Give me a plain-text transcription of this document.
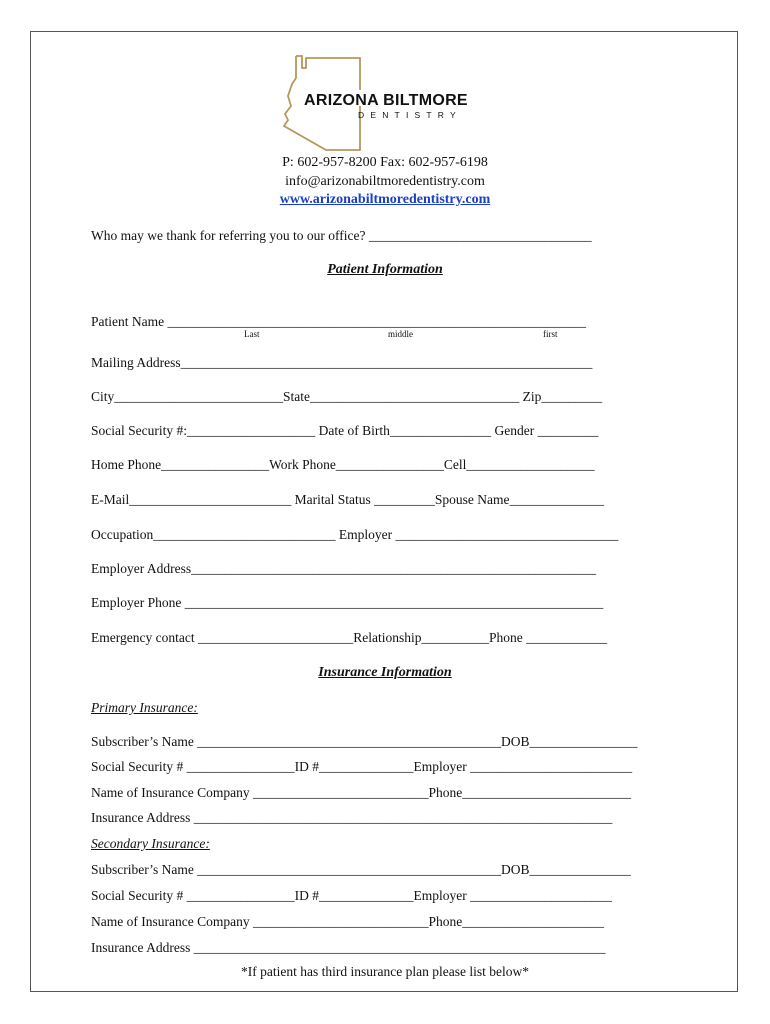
ARIZONA BILTMORE
DENTISTRY
P: 602-957-8200 Fax: 602-957-6198
info@arizonabiltmoredentistry.com
www.arizonabiltmoredentistry.com
Who may we thank for referring you to our office? _________________________________
Patient Information
Patient Name ______________________________________________________________
Last	middle	first
Mailing Address_____________________________________________________________
City_________________________State_______________________________ Zip_________
Social Security #:___________________ Date of Birth_______________ Gender _________
Home Phone________________Work Phone________________Cell___________________
E-Mail________________________ Marital Status _________Spouse Name______________
Occupation___________________________ Employer _________________________________
Employer Address____________________________________________________________
Employer Phone ______________________________________________________________
Emergency contact _______________________Relationship__________Phone ____________
Insurance Information
Primary Insurance:
Subscriber’s Name _____________________________________________DOB________________
Social Security # ________________ID #______________Employer ________________________
Name of Insurance Company __________________________Phone_________________________
Insurance Address ______________________________________________________________
Secondary Insurance:
Subscriber’s Name _____________________________________________DOB_______________
Social Security # ________________ID #______________Employer _____________________
Name of Insurance Company __________________________Phone_____________________
Insurance Address _____________________________________________________________
*If patient has third insurance plan please list below*
